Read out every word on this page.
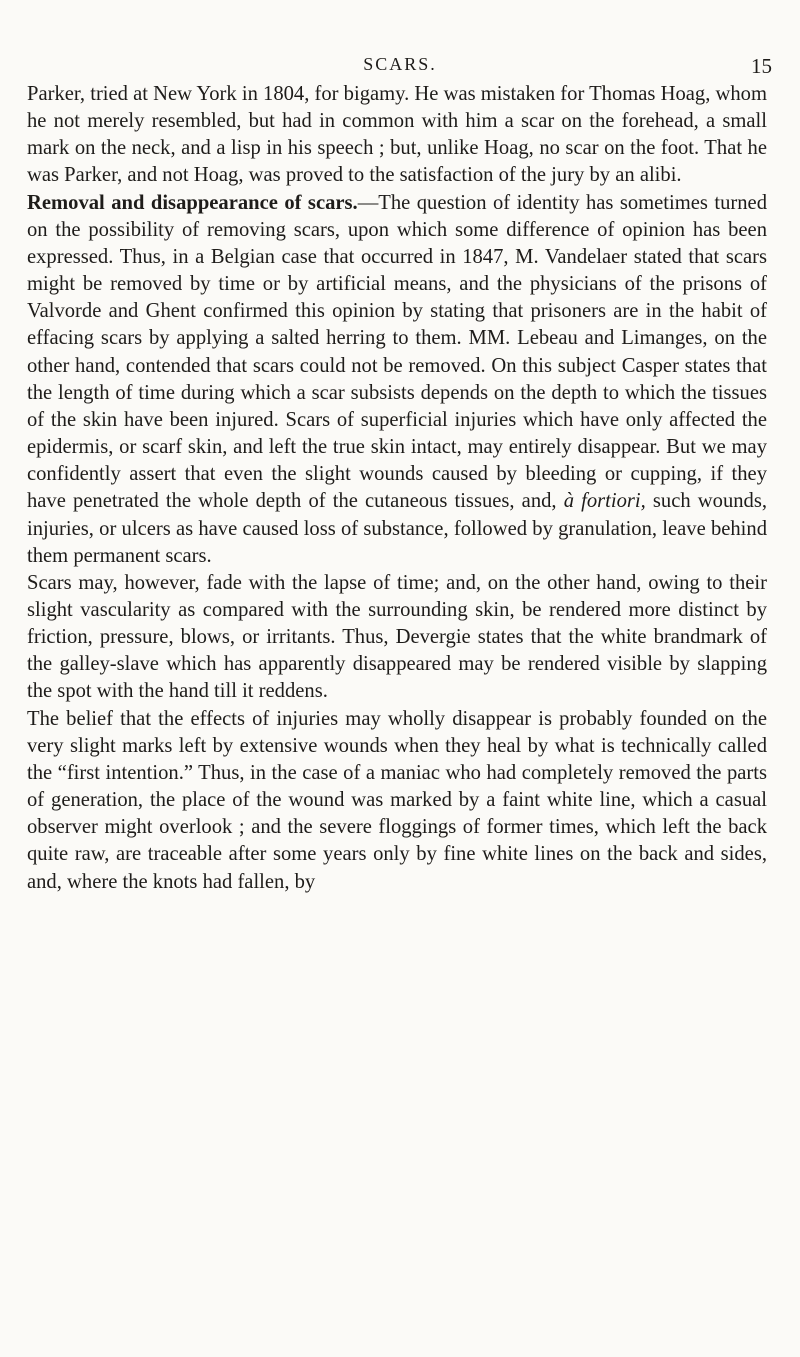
SCARS.	15

Parker, tried at New York in 1804, for bigamy. He was mistaken for Thomas Hoag, whom he not merely resembled, but had in common with him a scar on the forehead, a small mark on the neck, and a lisp in his speech ; but, unlike Hoag, no scar on the foot. That he was Parker, and not Hoag, was proved to the satisfaction of the jury by an alibi.

Removal and disappearance of scars.—The question of identity has sometimes turned on the possibility of removing scars, upon which some difference of opinion has been expressed. Thus, in a Belgian case that occurred in 1847, M. Vandelaer stated that scars might be removed by time or by artificial means, and the physicians of the prisons of Valvorde and Ghent confirmed this opinion by stating that prisoners are in the habit of effacing scars by applying a salted herring to them. MM. Lebeau and Limanges, on the other hand, contended that scars could not be removed. On this subject Casper states that the length of time during which a scar subsists depends on the depth to which the tissues of the skin have been injured. Scars of superficial injuries which have only affected the epidermis, or scarf skin, and left the true skin intact, may entirely disappear. But we may confidently assert that even the slight wounds caused by bleeding or cupping, if they have penetrated the whole depth of the cutaneous tissues, and, à fortiori, such wounds, injuries, or ulcers as have caused loss of substance, followed by granulation, leave behind them permanent scars.

Scars may, however, fade with the lapse of time; and, on the other hand, owing to their slight vascularity as compared with the surrounding skin, be rendered more distinct by friction, pressure, blows, or irritants. Thus, Devergie states that the white brandmark of the galley-slave which has apparently disappeared may be rendered visible by slapping the spot with the hand till it reddens.

The belief that the effects of injuries may wholly disappear is probably founded on the very slight marks left by extensive wounds when they heal by what is technically called the “first intention.” Thus, in the case of a maniac who had completely removed the parts of generation, the place of the wound was marked by a faint white line, which a casual observer might overlook ; and the severe floggings of former times, which left the back quite raw, are traceable after some years only by fine white lines on the back and sides, and, where the knots had fallen, by
